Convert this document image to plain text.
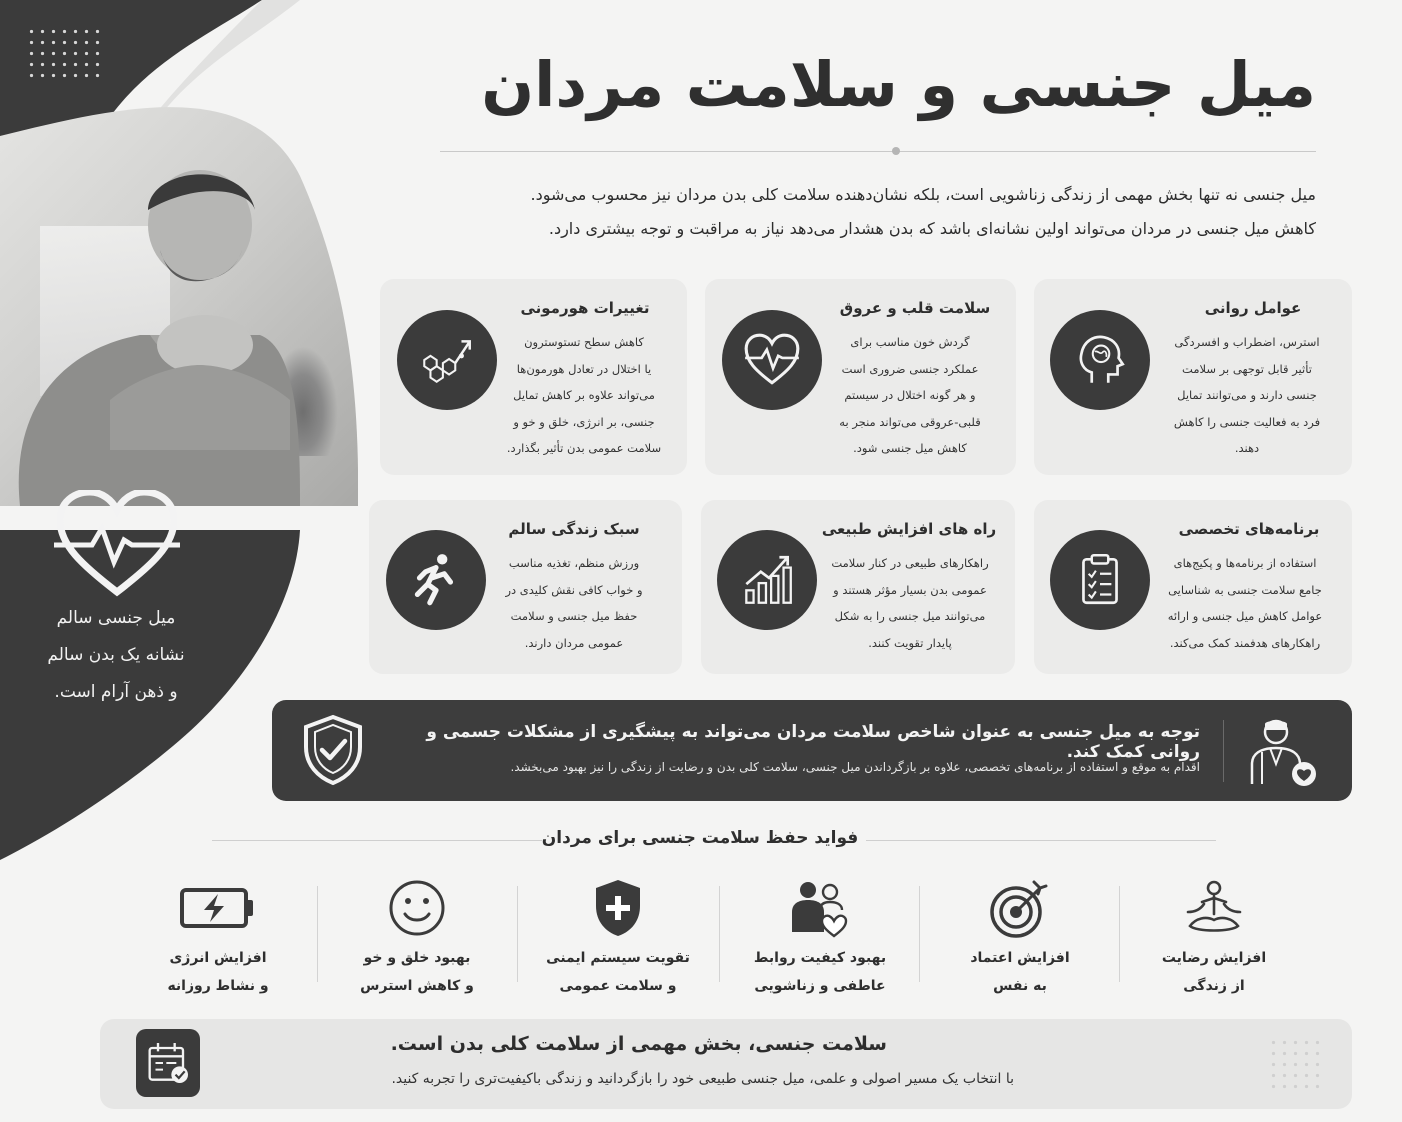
میل جنسی سالم
نشانه یک بدن سالم
و ذهن آرام است.
میل جنسی و سلامت مردان
میل جنسی نه تنها بخش مهمی از زندگی زناشویی است، بلکه نشان‌دهنده سلامت کلی بدن مردان نیز محسوب می‌شود.
کاهش میل جنسی در مردان می‌تواند اولین نشانه‌ای باشد که بدن هشدار می‌دهد نیاز به مراقبت و توجه بیشتری دارد.
عوامل روانی
استرس، اضطراب و افسردگی
تأثیر قابل توجهی بر سلامت
جنسی دارند و می‌توانند تمایل
فرد به فعالیت جنسی را کاهش
دهند.
سلامت قلب و عروق
گردش خون مناسب برای
عملکرد جنسی ضروری است
و هر گونه اختلال در سیستم
قلبی-عروقی می‌تواند منجر به
کاهش میل جنسی شود.
تغییرات هورمونی
کاهش سطح تستوسترون
یا اختلال در تعادل هورمون‌ها
می‌تواند علاوه بر کاهش تمایل
جنسی، بر انرژی، خلق و خو و
سلامت عمومی بدن تأثیر بگذارد.
برنامه‌های تخصصی
استفاده از برنامه‌ها و پکیج‌های
جامع سلامت جنسی به شناسایی
عوامل کاهش میل جنسی و ارائه
راهکارهای هدفمند کمک می‌کند.
راه های افزایش طبیعی
راهکارهای طبیعی در کنار سلامت
عمومی بدن بسیار مؤثر هستند و
می‌توانند میل جنسی را به شکل
پایدار تقویت کنند.
سبک زندگی سالم
ورزش منظم، تغذیه مناسب
و خواب کافی نقش کلیدی در
حفظ میل جنسی و سلامت
عمومی مردان دارند.
توجه به میل جنسی به عنوان شاخص سلامت مردان می‌تواند به پیشگیری از مشکلات جسمی و روانی کمک کند.
اقدام به موقع و استفاده از برنامه‌های تخصصی، علاوه بر بازگرداندن میل جنسی، سلامت کلی بدن و رضایت از زندگی را نیز بهبود می‌بخشد.
فواید حفظ سلامت جنسی برای مردان
افزایش رضایت
از زندگی
افزایش اعتماد
به نفس
بهبود کیفیت روابط
عاطفی و زناشویی
تقویت سیستم ایمنی
و سلامت عمومی
بهبود خلق و خو
و کاهش استرس
افزایش انرژی
و نشاط روزانه
سلامت جنسی، بخش مهمی از سلامت کلی بدن است.
با انتخاب یک مسیر اصولی و علمی، میل جنسی طبیعی خود را بازگردانید و زندگی باکیفیت‌تری را تجربه کنید.
